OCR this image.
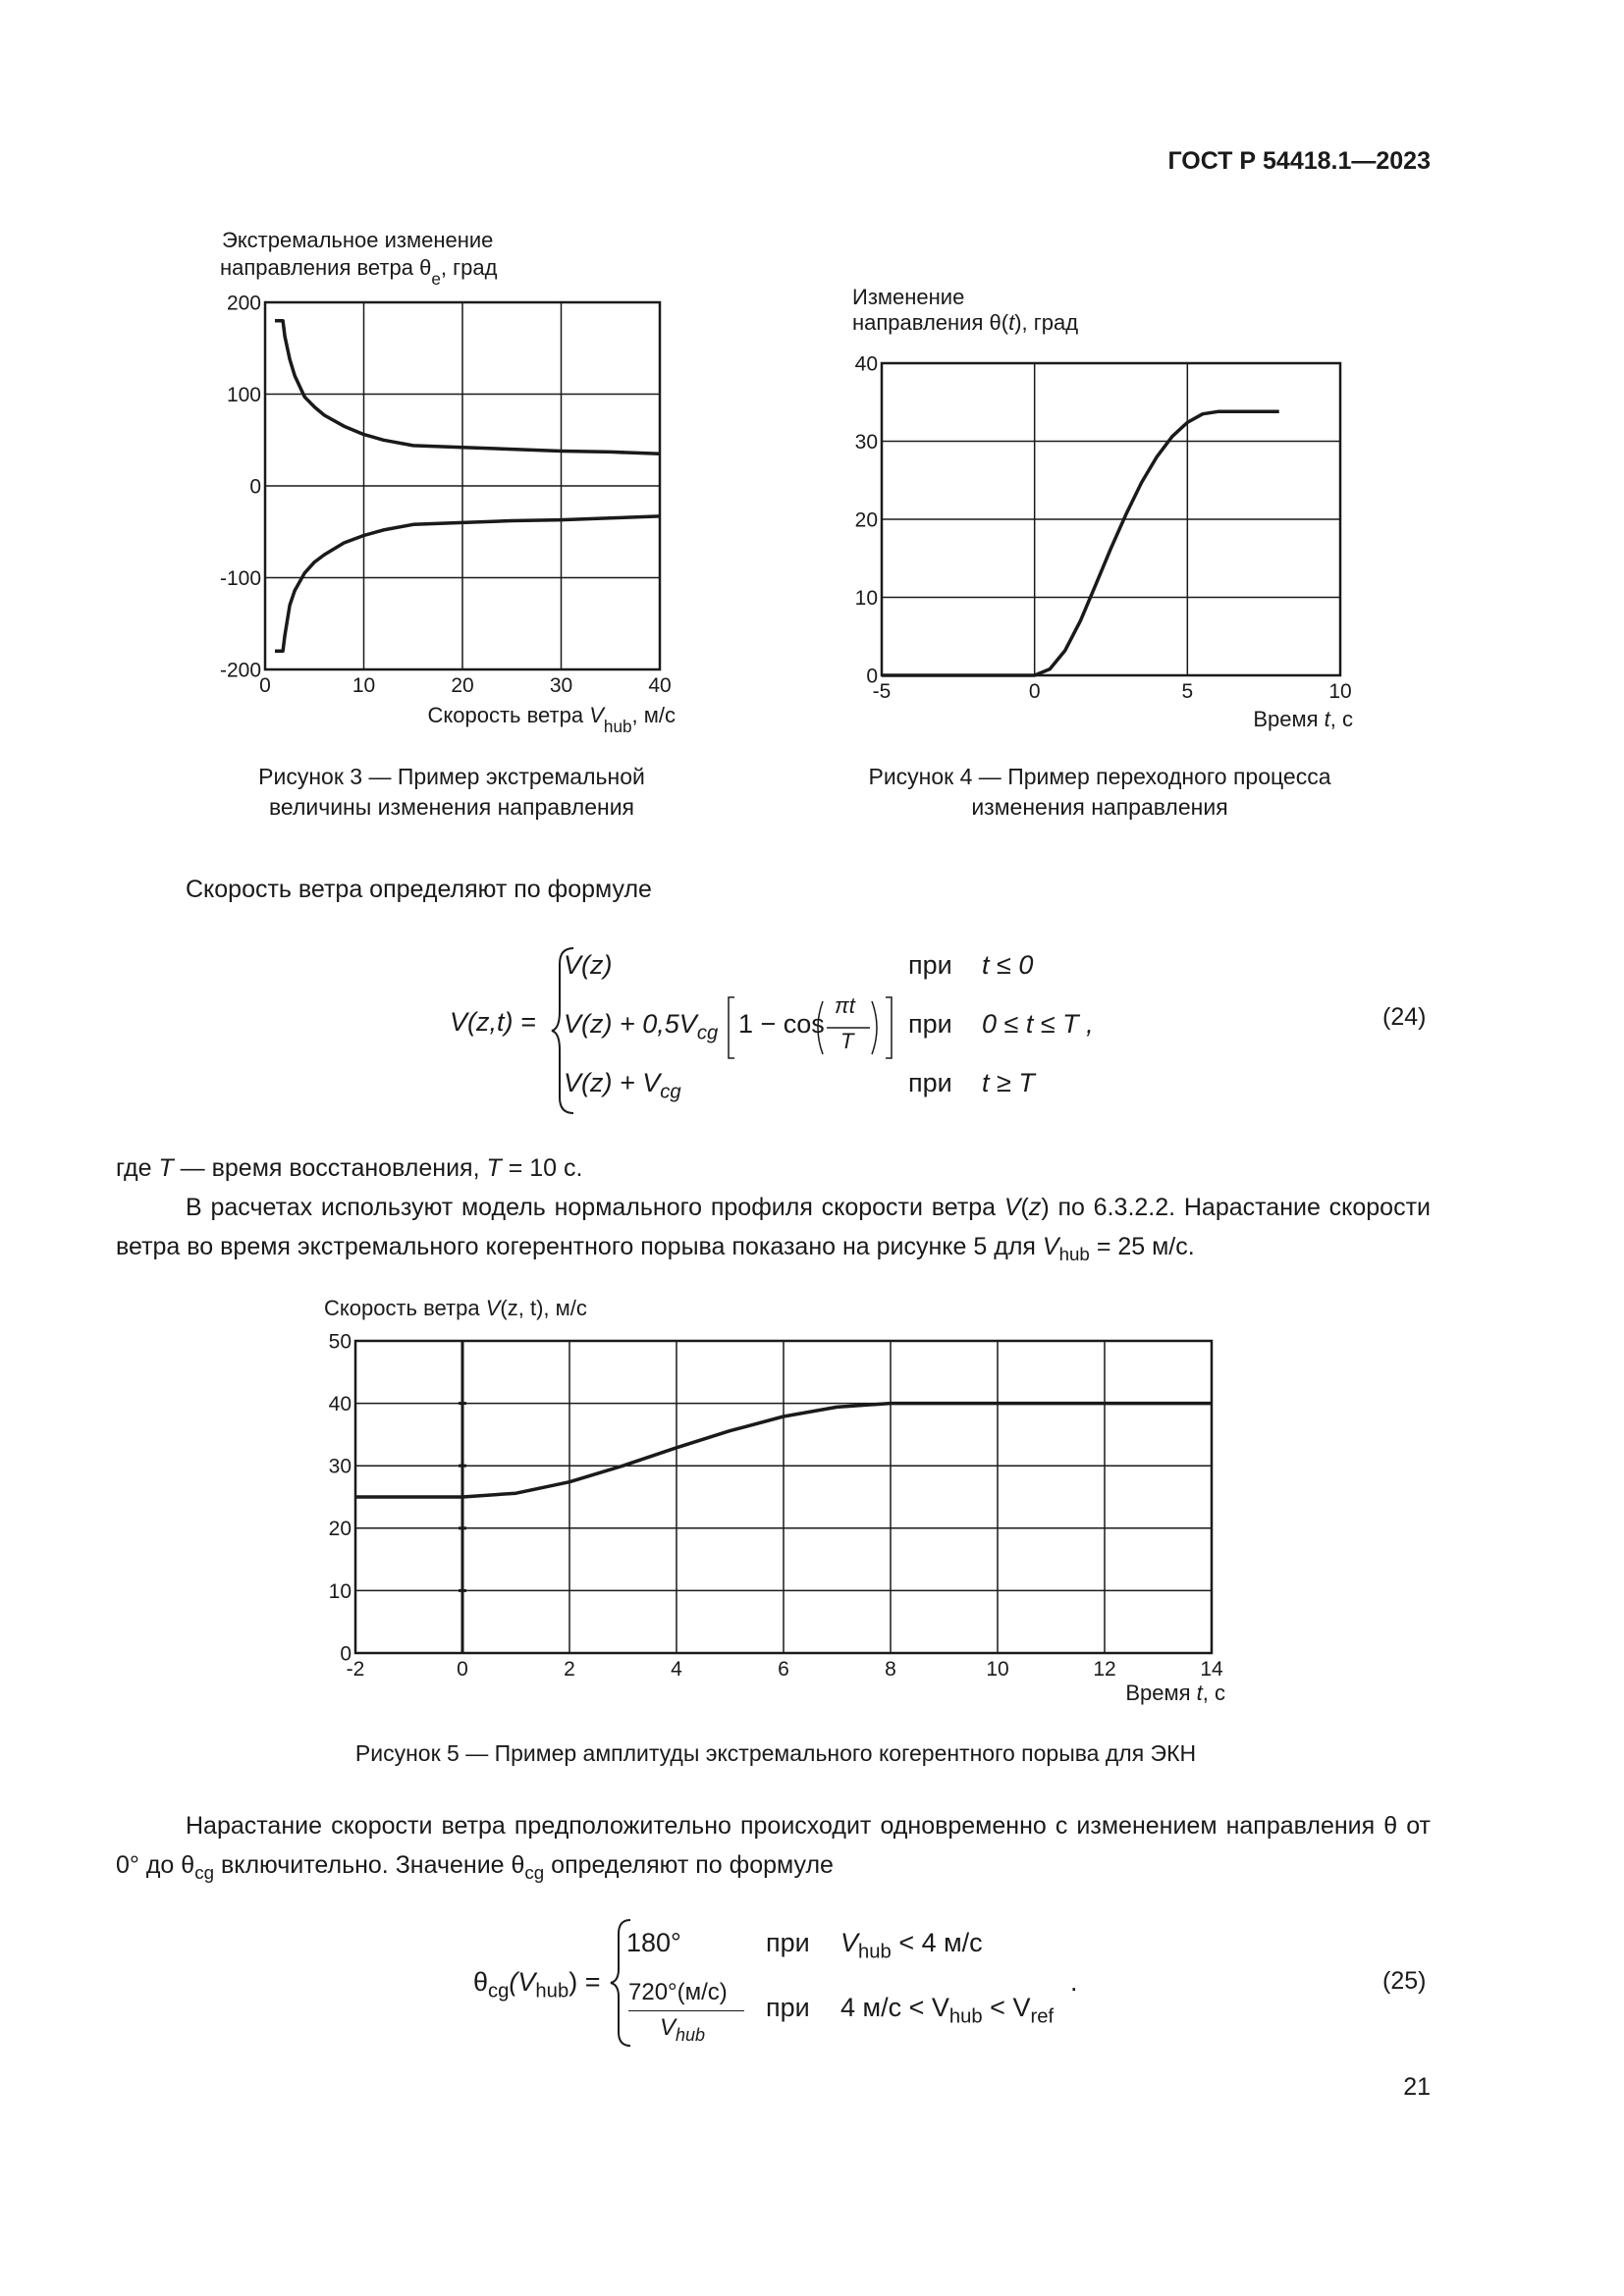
ГОСТ Р 54418.1—2023
0	10	20	30	40
200
100
0
-100
-200
Экстремальное изменение
направления ветра $\theta_e$, град
Скорость ветра $V_{hub}$, м/с
Рисунок 3 — Пример экстремальной
величины изменения направления
-5	0	5	10
40
30
20
10
0
Изменение
направления θ(t), град
Время t, с
Рисунок 4 — Пример переходного процесса
изменения направления
Скорость ветра определяют по формуле
V(z,t) =
V(z)
$V(z) + 0,5V_{cg}$ 1 − cos
πt
T
$V(z) + V_{cg}$
при
при
при
t ≤ 0
0 ≤ t ≤ T ,
t ≥ T
(24)
где T — время восстановления, T = 10 с.
В расчетах используют модель нормального профиля скорости ветра V(z) по 6.3.2.2. Нарастание скорости ветра во время экстремального когерентного порыва показано на рисунке 5 для $V_{hub} = 25$ м/с.
-2	0	2	4	6	8	10	12	14
50
40
30
20
10
0
Скорость ветра V(z, t), м/с
Время t, с
Рисунок 5 — Пример амплитуды экстремального когерентного порыва для ЭКН
Нарастание скорости ветра предположительно происходит одновременно с изменением направления θ от 0° до $\theta_{cg}$ включительно. Значение $\theta_{cg}$ определяют по формуле
$\theta_{cg}(V_{hub})$ =
180°
720°(м/с)
$V_{hub}$
при
при
$V_{hub} < 4$ м/с
4 $м/с < V_{hub} < V_{ref}$
.	(25)
21
